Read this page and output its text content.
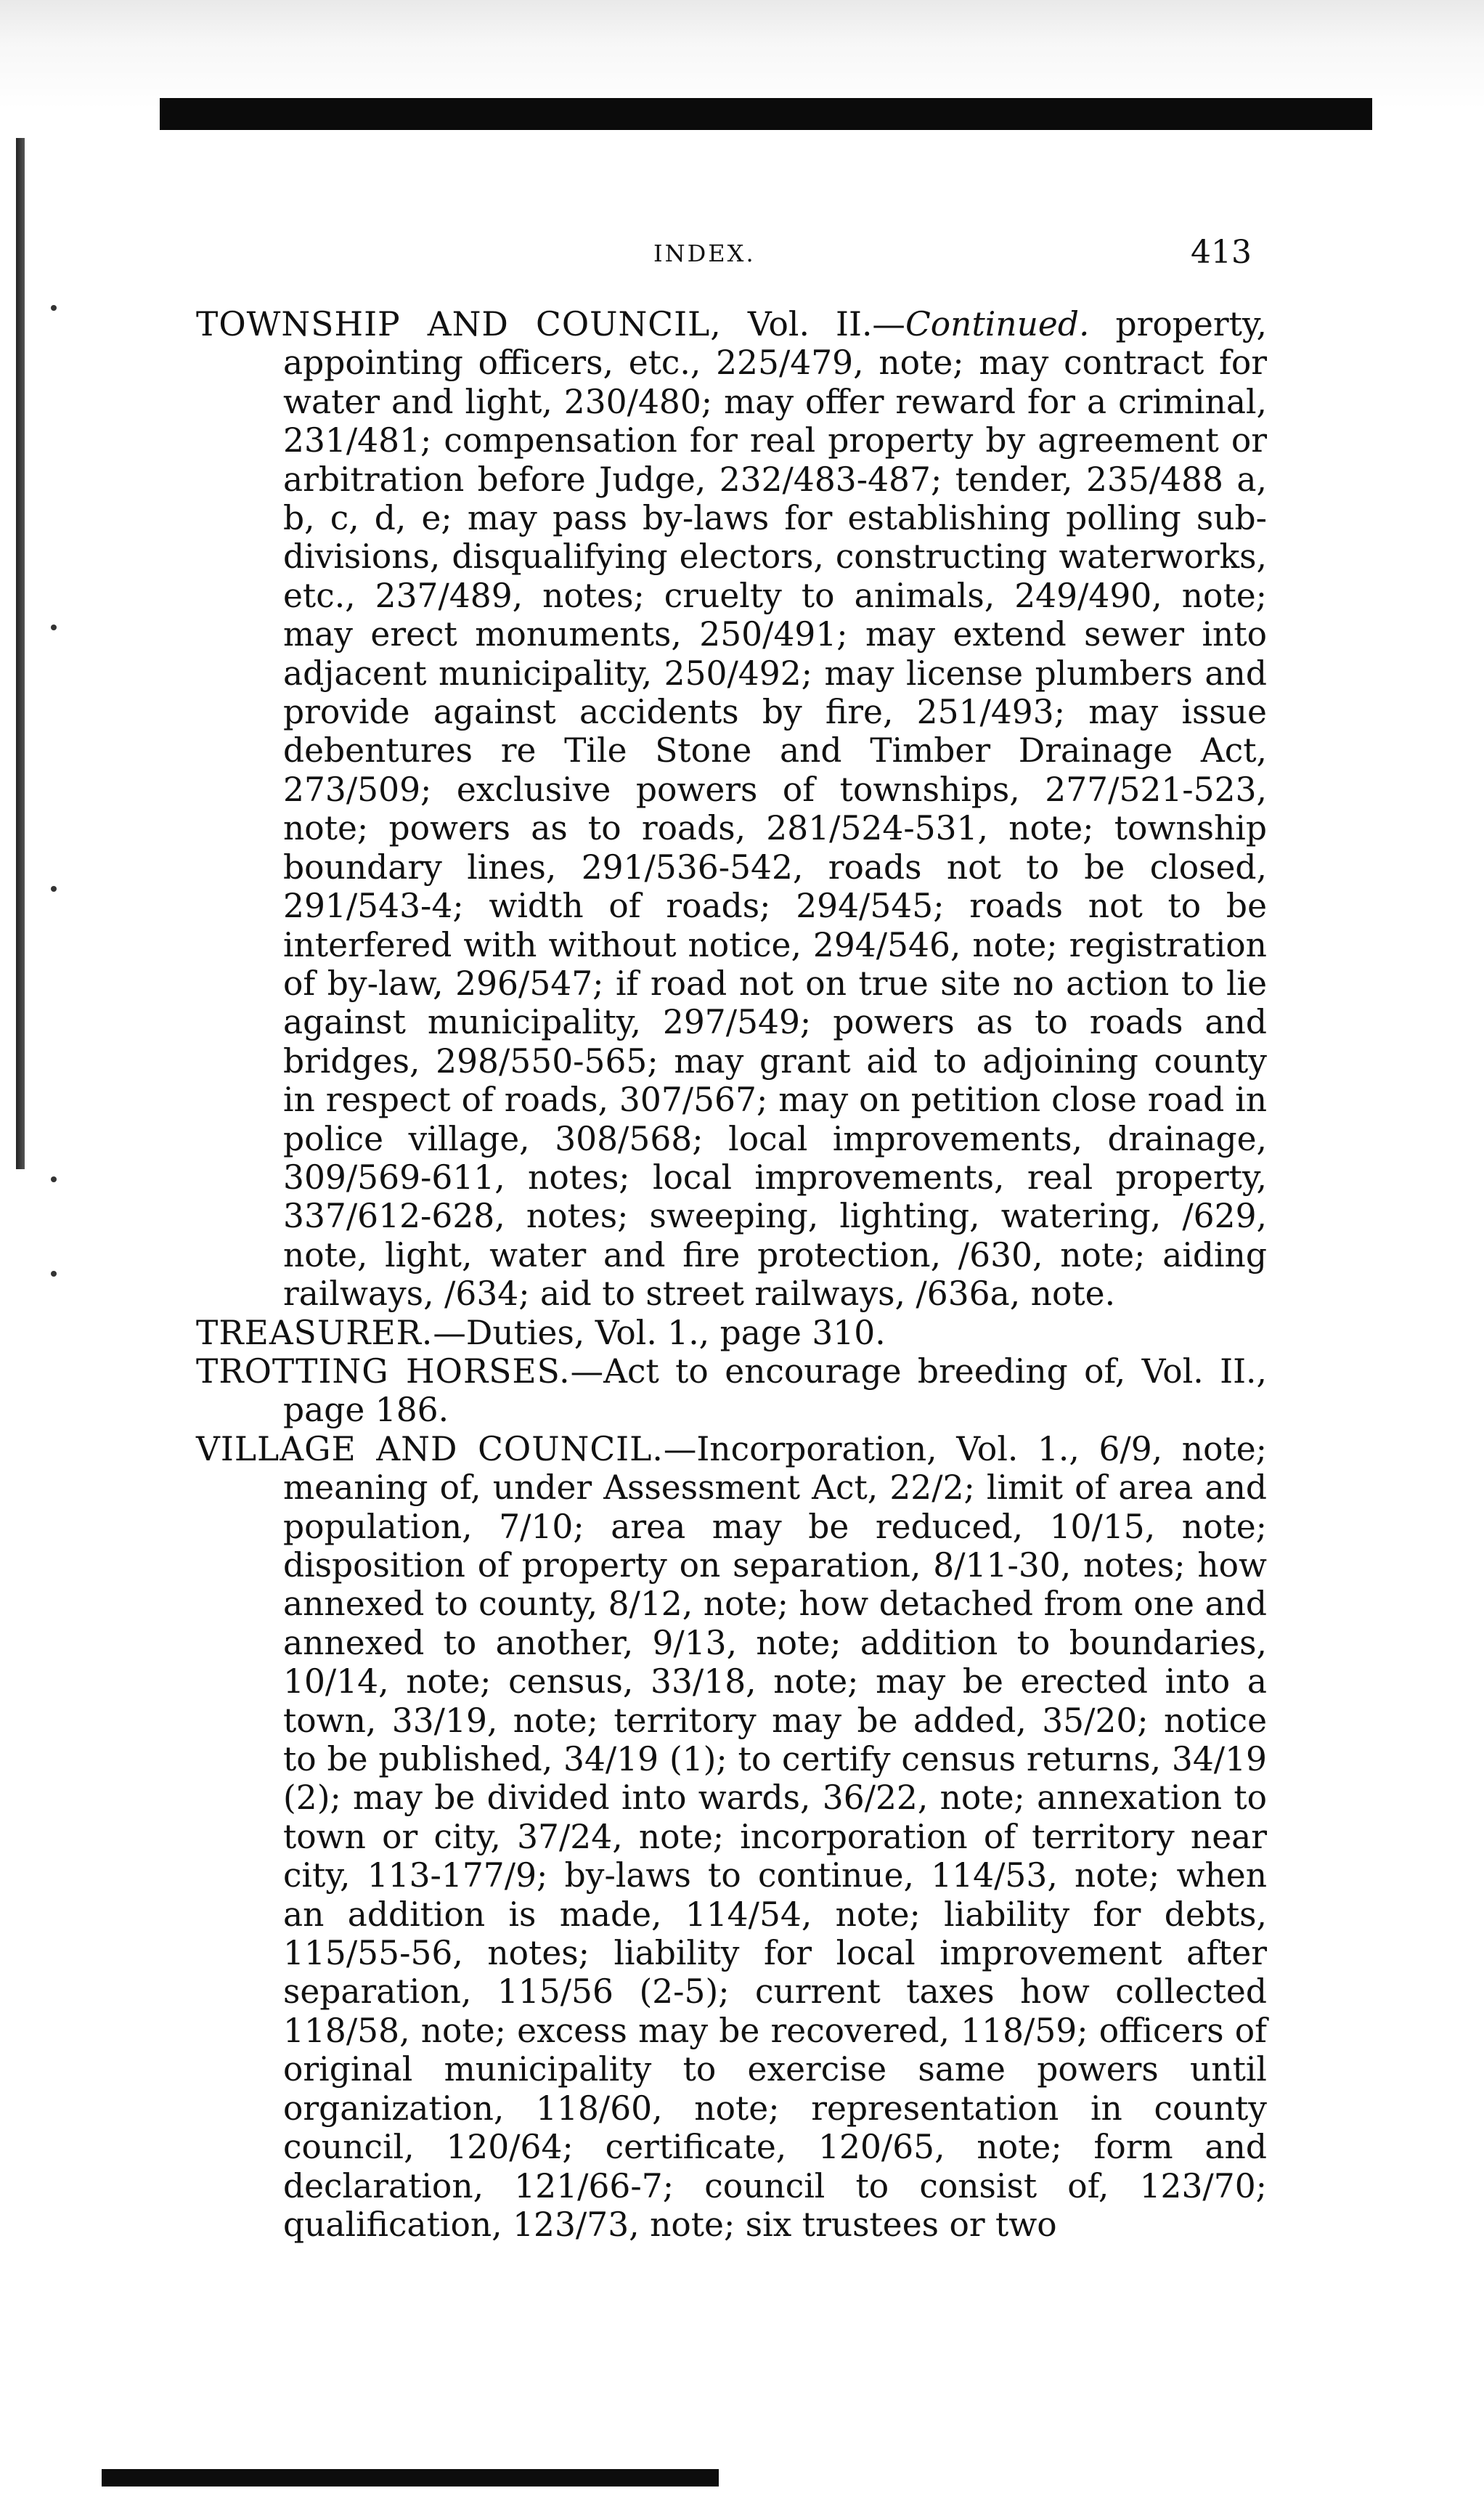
INDEX.	413

TOWNSHIP AND COUNCIL, Vol. II.—Continued. property, appointing officers, etc., 225/479, note; may contract for water and light, 230/480; may offer reward for a criminal, 231/481; compensation for real property by agreement or arbitration before Judge, 232/483-487; tender, 235/488 a, b, c, d, e; may pass by-laws for establishing polling sub-divisions, disqualifying electors, constructing waterworks, etc., 237/489, notes; cruelty to animals, 249/490, note; may erect monuments, 250/491; may extend sewer into adjacent municipality, 250/492; may license plumbers and provide against accidents by fire, 251/493; may issue debentures re Tile Stone and Timber Drainage Act, 273/509; exclusive powers of townships, 277/521-523, note; powers as to roads, 281/524-531, note; township boundary lines, 291/536-542, roads not to be closed, 291/543-4; width of roads; 294/545; roads not to be interfered with without notice, 294/546, note; registration of by-law, 296/547; if road not on true site no action to lie against municipality, 297/549; powers as to roads and bridges, 298/550-565; may grant aid to adjoining county in respect of roads, 307/567; may on petition close road in police village, 308/568; local improvements, drainage, 309/569-611, notes; local improvements, real property, 337/612-628, notes; sweeping, lighting, watering, /629, note, light, water and fire protection, /630, note; aiding railways, /634; aid to street railways, /636a, note.

TREASURER.—Duties, Vol. 1., page 310.

TROTTING HORSES.—Act to encourage breeding of, Vol. II., page 186.

VILLAGE AND COUNCIL.—Incorporation, Vol. 1., 6/9, note; meaning of, under Assessment Act, 22/2; limit of area and population, 7/10; area may be reduced, 10/15, note; disposition of property on separation, 8/11-30, notes; how annexed to county, 8/12, note; how detached from one and annexed to another, 9/13, note; addition to boundaries, 10/14, note; census, 33/18, note; may be erected into a town, 33/19, note; territory may be added, 35/20; notice to be published, 34/19 (1); to certify census returns, 34/19 (2); may be divided into wards, 36/22, note; annexation to town or city, 37/24, note; incorporation of territory near city, 113-177/9; by-laws to continue, 114/53, note; when an addition is made, 114/54, note; liability for debts, 115/55-56, notes; liability for local improvement after separation, 115/56 (2-5); current taxes how collected 118/58, note; excess may be recovered, 118/59; officers of original municipality to exercise same powers until organization, 118/60, note; representation in county council, 120/64; certificate, 120/65, note; form and declaration, 121/66-7; council to consist of, 123/70; qualification, 123/73, note; six trustees or two
